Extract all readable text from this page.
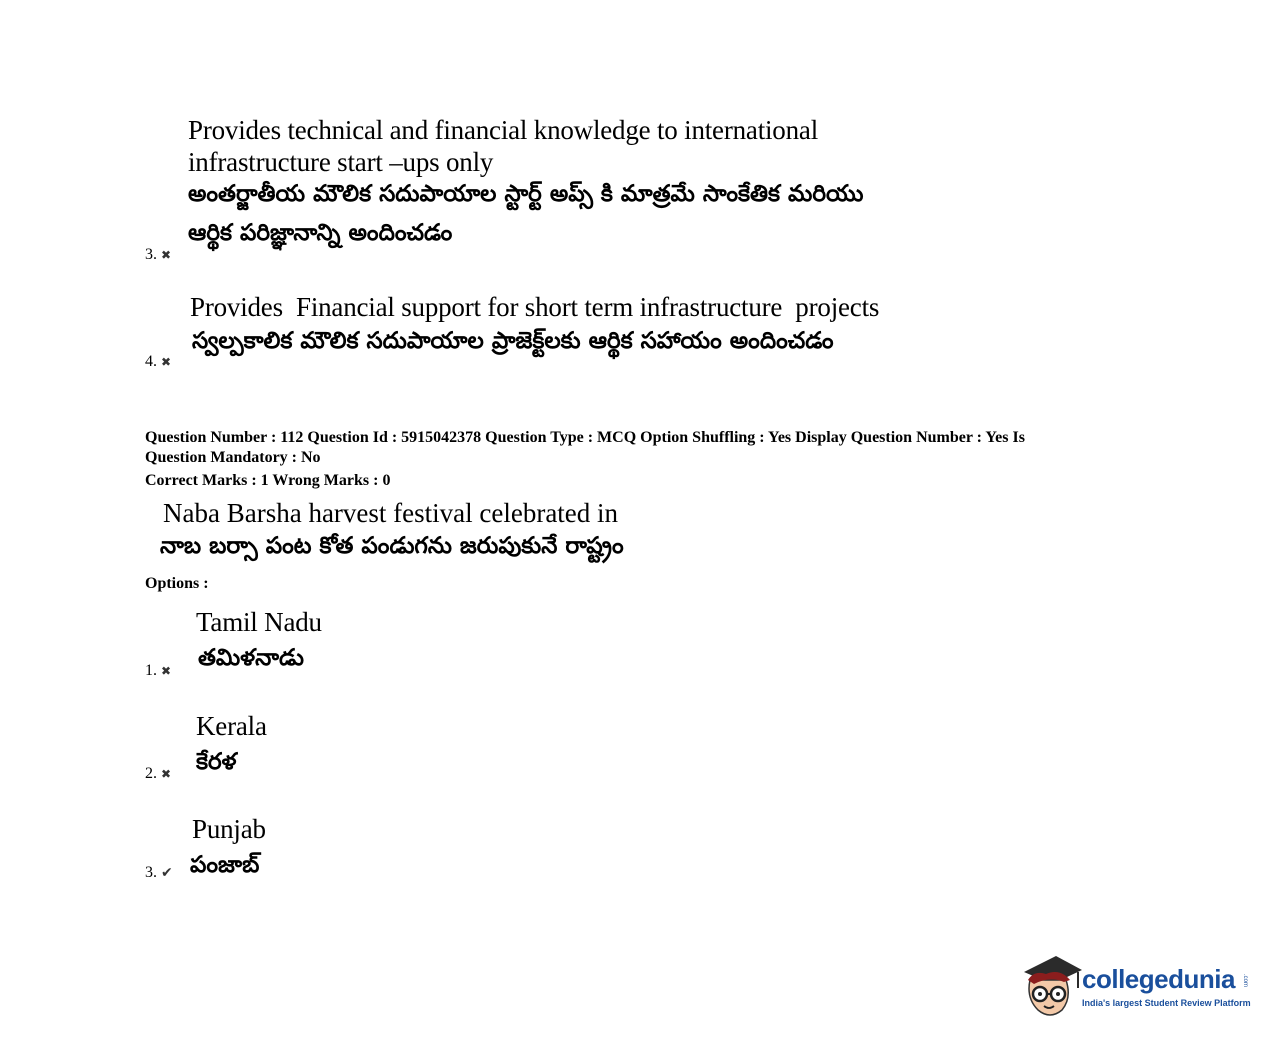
Provides technical and financial knowledge to international
infrastructure start –ups only
అంతర్జాతీయ మౌలిక సదుపాయాల స్టార్ట్ అప్స్ కి మాత్రమే సాంకేతిక మరియు
ఆర్థిక పరిజ్ఞానాన్ని అందించడం
3. ✖
Provides  Financial support for short term infrastructure  projects
స్వల్పకాలిక మౌలిక సదుపాయాల ప్రాజెక్ట్‌లకు ఆర్థిక సహాయం అందించడం
4. ✖
Question Number : 112 Question Id : 5915042378 Question Type : MCQ Option Shuffling : Yes Display Question Number : Yes Is
Question Mandatory : No
Correct Marks : 1 Wrong Marks : 0
Naba Barsha harvest festival celebrated in
నాబ బర్సా పంట కోత పండుగను జరుపుకునే రాష్ట్రం
Options :
Tamil Nadu
తమిళనాడు
1. ✖
Kerala
కేరళ
2. ✖
Punjab
పంజాబ్
3. ✔
collegedunia .com
India's largest Student Review Platform
